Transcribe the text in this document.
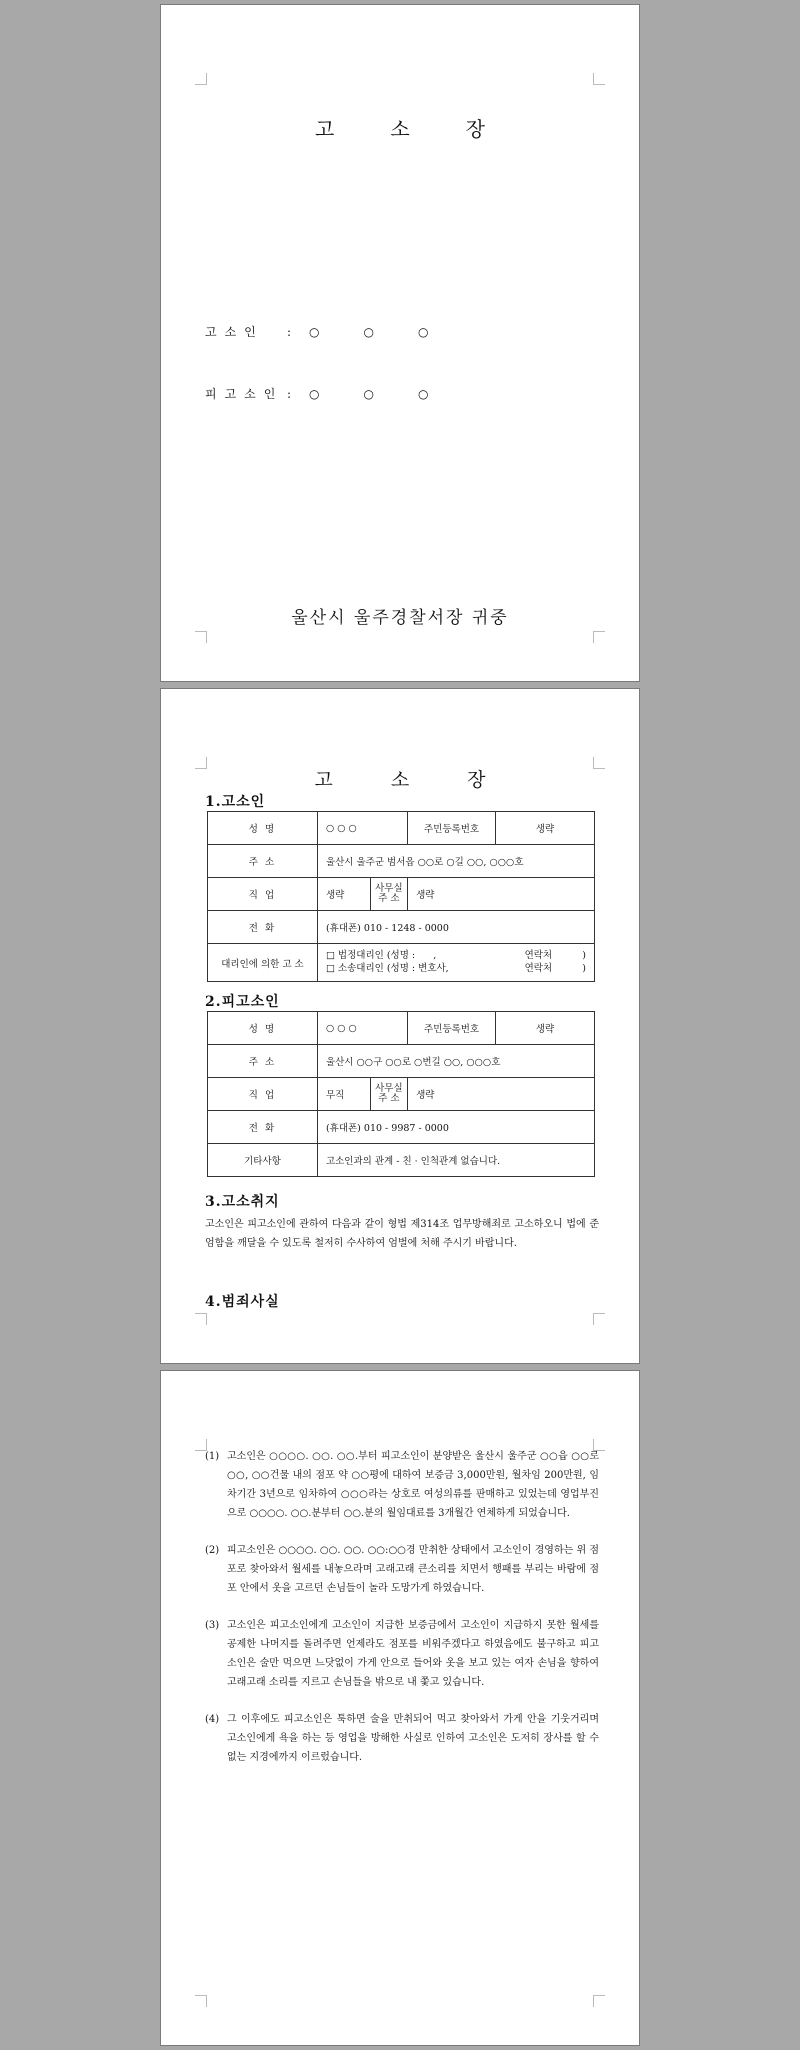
고소장
고소인	:	○○○
피고소인 :	○○○
울산시 울주경찰서장 귀중
고소장
1.고소인
성 명	○ ○ ○		주민등록번호	생략
주 소	울산시 울주군 범서읍 ○○로 ○길 ○○, ○○○호			
직 업	생략	사무실 주 소	생략	
전 화	(휴대폰) 010 - 1248 - 0000			
대리인에 의한 고 소	□ 법정대리인 (성명 :      , 연락처          )
□ 소송대리인 (성명 : 변호사, 연락처          )			
2.피고소인
성 명	○ ○ ○		주민등록번호	생략
주 소	울산시 ○○구 ○○로 ○번길 ○○, ○○○호			
직 업	무직	사무실 주 소	생략	
전 화	(휴대폰) 010 - 9987 - 0000			
기타사항	고소인과의 관계 - 친 · 인척관계 없습니다.			
3.고소취지
고소인은 피고소인에 관하여 다음과 같이 형법 제314조 업무방해죄로 고소하오니 법에 준엄함을 깨달을 수 있도록 철저히 수사하여 엄벌에 처해 주시기 바랍니다.
4.범죄사실
(1) 고소인은 ○○○○. ○○. ○○.부터 피고소인이 분양받은 울산시 울주군 ○○읍 ○○로 ○○, ○○건물 내의 점포 약 ○○평에 대하여 보증금 3,000만원, 월차임 200만원, 임차기간 3년으로 임차하여 ○○○라는 상호로 여성의류를 판매하고 있었는데 영업부진으로 ○○○○. ○○.분부터 ○○.분의 월임대료를 3개월간 연체하게 되었습니다.
(2) 피고소인은 ○○○○. ○○. ○○. ○○:○○경 만취한 상태에서 고소인이 경영하는 위 점포로 찾아와서 월세를 내놓으라며 고래고래 큰소리를 치면서 행패를 부리는 바람에 점포 안에서 옷을 고르던 손님들이 놀라 도망가게 하였습니다.
(3) 고소인은 피고소인에게 고소인이 지급한 보증금에서 고소인이 지급하지 못한 월세를 공제한 나머지를 돌려주면 언제라도 점포를 비워주겠다고 하였음에도 불구하고 피고소인은 술만 먹으면 느닷없이 가게 안으로 들어와 옷을 보고 있는 여자 손님을 향하여 고래고래 소리를 지르고 손님들을 밖으로 내 쫓고 있습니다.
(4) 그 이후에도 피고소인은 툭하면 술을 만취되어 먹고 찾아와서 가게 안을 기웃거리며 고소인에게 욕을 하는 등 영업을 방해한 사실로 인하여 고소인은 도저히 장사를 할 수 없는 지경에까지 이르렀습니다.
